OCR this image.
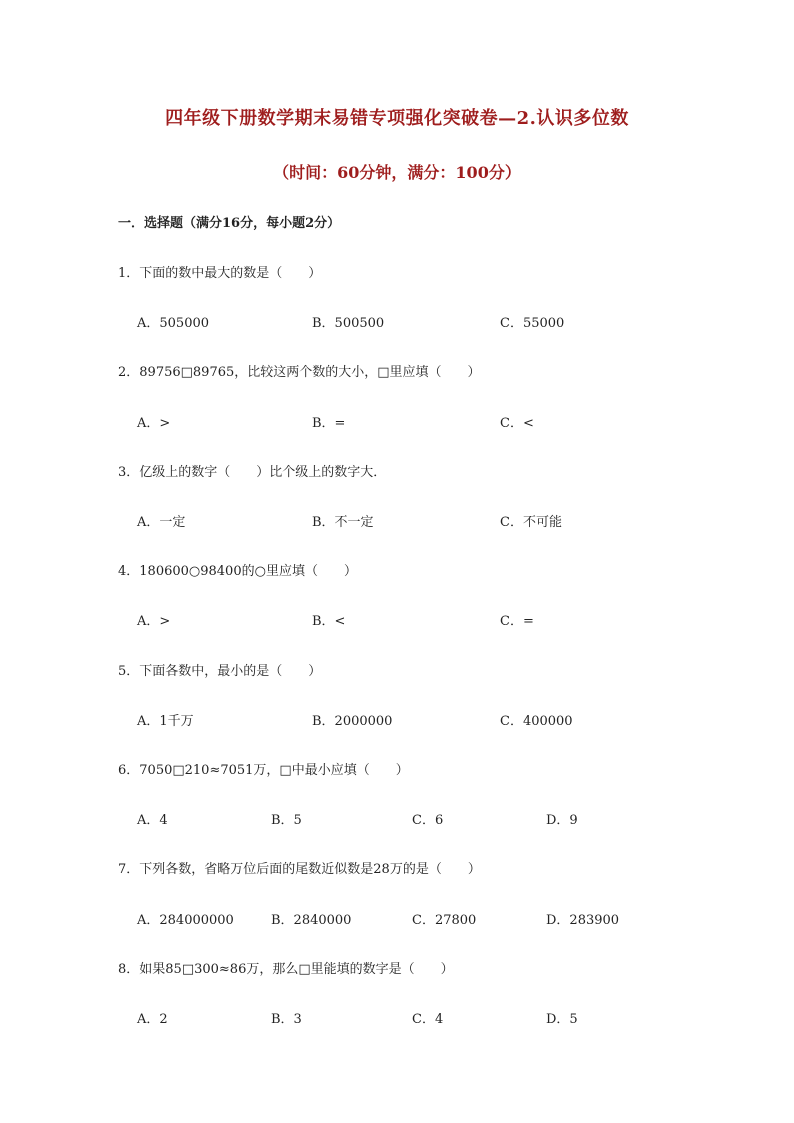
四年级下册数学期末易错专项强化突破卷—2.认识多位数
（时间：60分钟，满分：100分）
一．选择题（满分16分，每小题2分）
1．下面的数中最大的数是（　　）
A．505000	B．500500	C．55000
2．89756□89765，比较这两个数的大小，□里应填（　　）
A．>	B．=	C．<
3．亿级上的数字（　　）比个级上的数字大．
A．一定	B．不一定	C．不可能
4．180600○98400的○里应填（　　）
A．>	B．<	C．=
5．下面各数中，最小的是（　　）
A．1千万	B．2000000	C．400000
6．7050□210≈7051万，□中最小应填（　　）
A．4	B．5	C．6	D．9
7．下列各数，省略万位后面的尾数近似数是28万的是（　　）
A．284000000	B．2840000	C．27800	D．283900
8．如果85□300≈86万，那么□里能填的数字是（　　）
A．2	B．3	C．4	D．5
